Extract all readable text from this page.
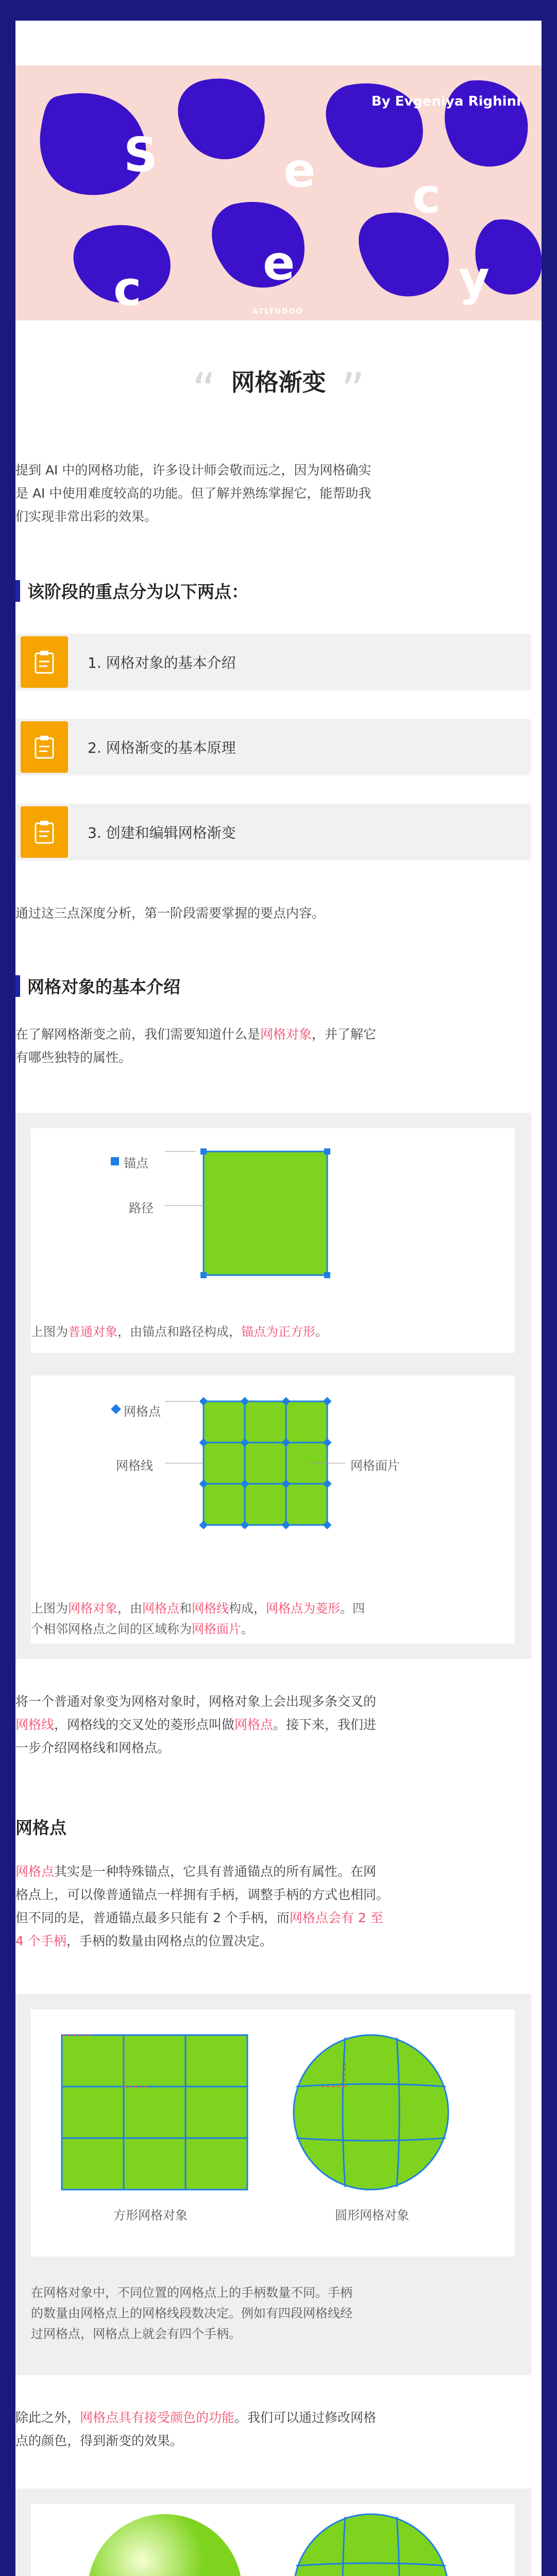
By Evgeniya Righini
S	e c
e
c	y
ATLTUDOO
“ 网格渐变 ”

提到 AI 中的网格功能，许多设计师会敬而远之，因为网格确实

是 AI 中使用难度较高的功能。但了解并熟练掌握它，能帮助我

们实现非常出彩的效果。

该阶段的重点分为以下两点：
1. 网格对象的基本介绍
2. 网格渐变的基本原理
3. 创建和编辑网格渐变

通过这三点深度分析，第一阶段需要掌握的要点内容。

网格对象的基本介绍

在了解网格渐变之前，我们需要知道什么是网格对象，并了解它

有哪些独特的属性。

锚点
路径
上图为普通对象，由锚点和路径构成，锚点为正方形。
网格点
网格线	网格面片
上图为网格对象，由网格点和网格线构成，网格点为菱形。四
个相邻网格点之间的区域称为网格面片。

将一个普通对象变为网格对象时，网格对象上会出现多条交叉的

网格线，网格线的交叉处的菱形点叫做网格点。接下来，我们进

一步介绍网格线和网格点。

网格点

网格点其实是一种特殊锚点，它具有普通锚点的所有属性。在网

格点上，可以像普通锚点一样拥有手柄，调整手柄的方式也相同。

但不同的是，普通锚点最多只能有 2 个手柄，而网格点会有 2 至

4 个手柄，手柄的数量由网格点的位置决定。

方形网格对象	圆形网格对象
在网格对象中，不同位置的网格点上的手柄数量不同。手柄
的数量由网格点上的网格线段数决定。例如有四段网格线经
过网格点，网格点上就会有四个手柄。

除此之外，网格点具有接受颜色的功能。我们可以通过修改网格

点的颜色，得到渐变的效果。
